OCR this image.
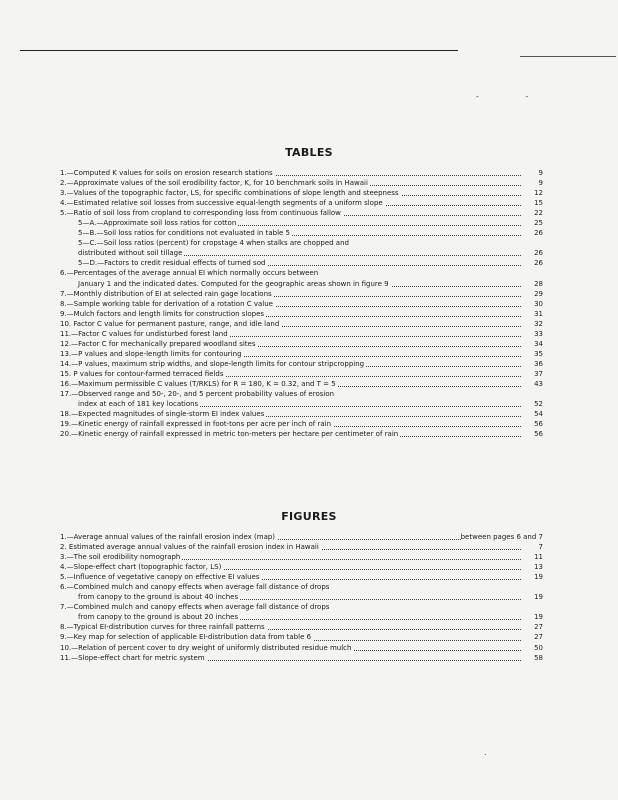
- -
TABLES
1.—Computed K values for soils on erosion research stations	9
2.—Approximate values of the soil erodibility factor, K, for 10 benchmark soils in Hawaii	9
3.—Values of the topographic factor, LS, for specific combinations of slope length and steepness	12
4.—Estimated relative soil losses from successive equal-length segments of a uniform slope	15
5.—Ratio of soil loss from cropland to corresponding loss from continuous fallow	22
5—A.—Approximate soil loss ratios for cotton	25
5—B.—Soil loss ratios for conditions not evaluated in table 5	26
5—C.—Soil loss ratios (percent) for cropstage 4 when stalks are chopped and
distributed without soil tillage	26
5—D.—Factors to credit residual effects of turned sod	26
6.—Percentages of the average annual EI which normally occurs between
January 1 and the indicated dates. Computed for the geographic areas shown in figure 9	28
7.—Monthly distribution of EI at selected rain gage locations	29
8.—Sample working table for derivation of a rotation C value	30
9.—Mulch factors and length limits for construction slopes	31
10. Factor C value for permanent pasture, range, and idle land	32
11.—Factor C values for undisturbed forest land	33
12.—Factor C for mechanically prepared woodland sites	34
13.—P values and slope-length limits for contouring	35
14.—P values, maximum strip widths, and slope-length limits for contour stripcropping	36
15. P values for contour-farmed terraced fields	37
16.—Maximum permissible C values (T/RKLS) for R = 180, K = 0.32, and T = 5	43
17.—Observed range and 50-, 20-, and 5 percent probability values of erosion
index at each of 181 key locations	52
18.—Expected magnitudes of single-storm EI index values	54
19.—Kinetic energy of rainfall expressed in foot-tons per acre per inch of rain	56
20.—Kinetic energy of rainfall expressed in metric ton-meters per hectare per centimeter of rain	56
FIGURES
1.—Average annual values of the rainfall erosion index (map)	between pages 6 and 7
2. Estimated average annual values of the rainfall erosion index in Hawaii	7
3.—The soil erodibility nomograph	11
4.—Slope-effect chart (topographic factor, LS)	13
5.—Influence of vegetative canopy on effective EI values	19
6.—Combined mulch and canopy effects when average fall distance of drops
from canopy to the ground is about 40 inches	19
7.—Combined mulch and canopy effects when average fall distance of drops
from canopy to the ground is about 20 inches	19
8.—Typical EI-distribution curves for three rainfall patterns	27
9.—Key map for selection of applicable EI-distribution data from table 6	27
10.—Relation of percent cover to dry weight of uniformly distributed residue mulch	50
11.—Slope-effect chart for metric system	58
.
